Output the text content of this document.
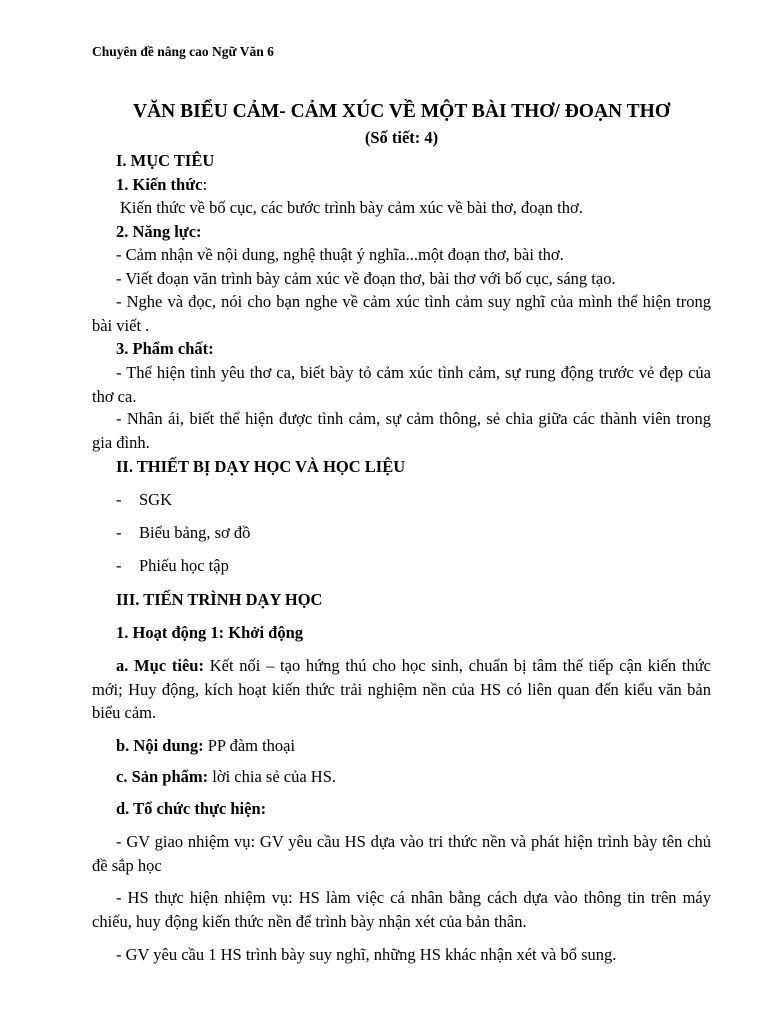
Chuyên đề nâng cao Ngữ Văn 6
VĂN BIỂU CẢM- CẢM XÚC VỀ MỘT BÀI THƠ/ ĐOẠN THƠ
(Số tiết: 4)
I. MỤC TIÊU
1. Kiến thức:
Kiến thức về bố cục, các bước trình bày cảm xúc về bài thơ, đoạn thơ.
2. Năng lực:
- Cảm nhận về nội dung, nghệ thuật ý nghĩa...một đoạn thơ, bài thơ.
- Viết đoạn văn trình bày cảm xúc về đoạn thơ, bài thơ với bố cục, sáng tạo.
- Nghe và đọc, nói cho bạn nghe về cảm xúc tình cảm suy nghĩ của mình thể hiện trong bài viết .
3. Phẩm chất:
- Thể hiện tình yêu thơ ca, biết bày tỏ cảm xúc tình cảm, sự rung động trước vẻ đẹp của thơ ca.
- Nhân ái, biết thể hiện được tình cảm, sự cảm thông, sẻ chia giữa các thành viên trong gia đình.
II. THIẾT BỊ DẠY HỌC VÀ HỌC LIỆU
- SGK
- Biểu bảng, sơ đồ
- Phiếu học tập
III. TIẾN TRÌNH DẠY HỌC
1. Hoạt động 1: Khởi động
a. Mục tiêu: Kết nối – tạo hứng thú cho học sinh, chuẩn bị tâm thế tiếp cận kiến thức mới; Huy động, kích hoạt kiến thức trải nghiệm nền của HS có liên quan đến kiểu văn bản biểu cảm.
b. Nội dung: PP đàm thoại
c. Sản phẩm: lời chia sẻ của HS.
d. Tổ chức thực hiện:
- GV giao nhiệm vụ: GV yêu cầu HS dựa vào tri thức nền và phát hiện trình bày tên chủ đề sắp học
- HS thực hiện nhiệm vụ: HS làm việc cá nhân bằng cách dựa vào thông tin trên máy chiếu, huy động kiến thức nền để trình bày nhận xét của bản thân.
- GV yêu cầu 1 HS trình bày suy nghĩ, những HS khác nhận xét và bổ sung.
